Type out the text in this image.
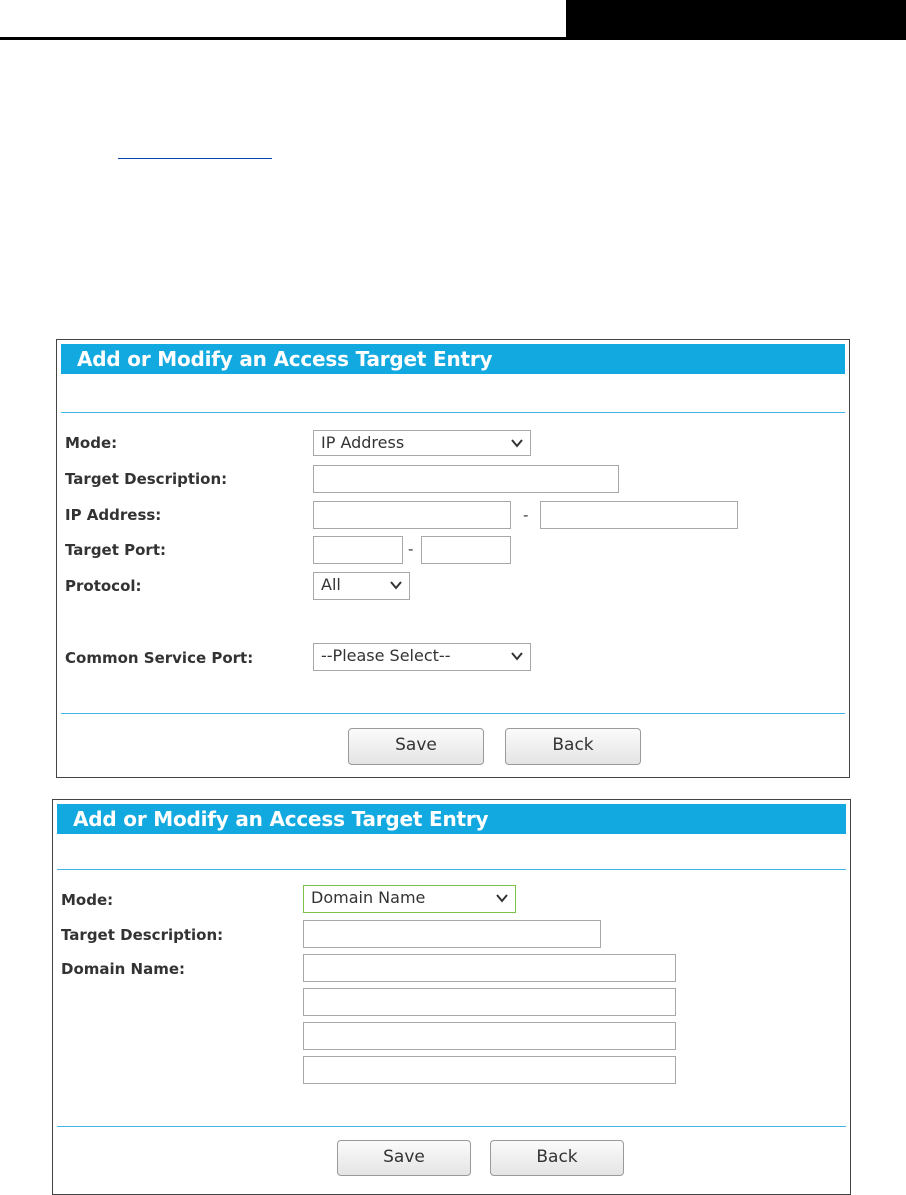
Add or Modify an Access Target Entry
Mode:	IP Address
Target Description:
IP Address:	-
Target Port:	-
Protocol:	All
Common Service Port:	--Please Select--
Save	Back
Add or Modify an Access Target Entry
Mode:	Domain Name
Target Description:
Domain Name:
Save	Back
